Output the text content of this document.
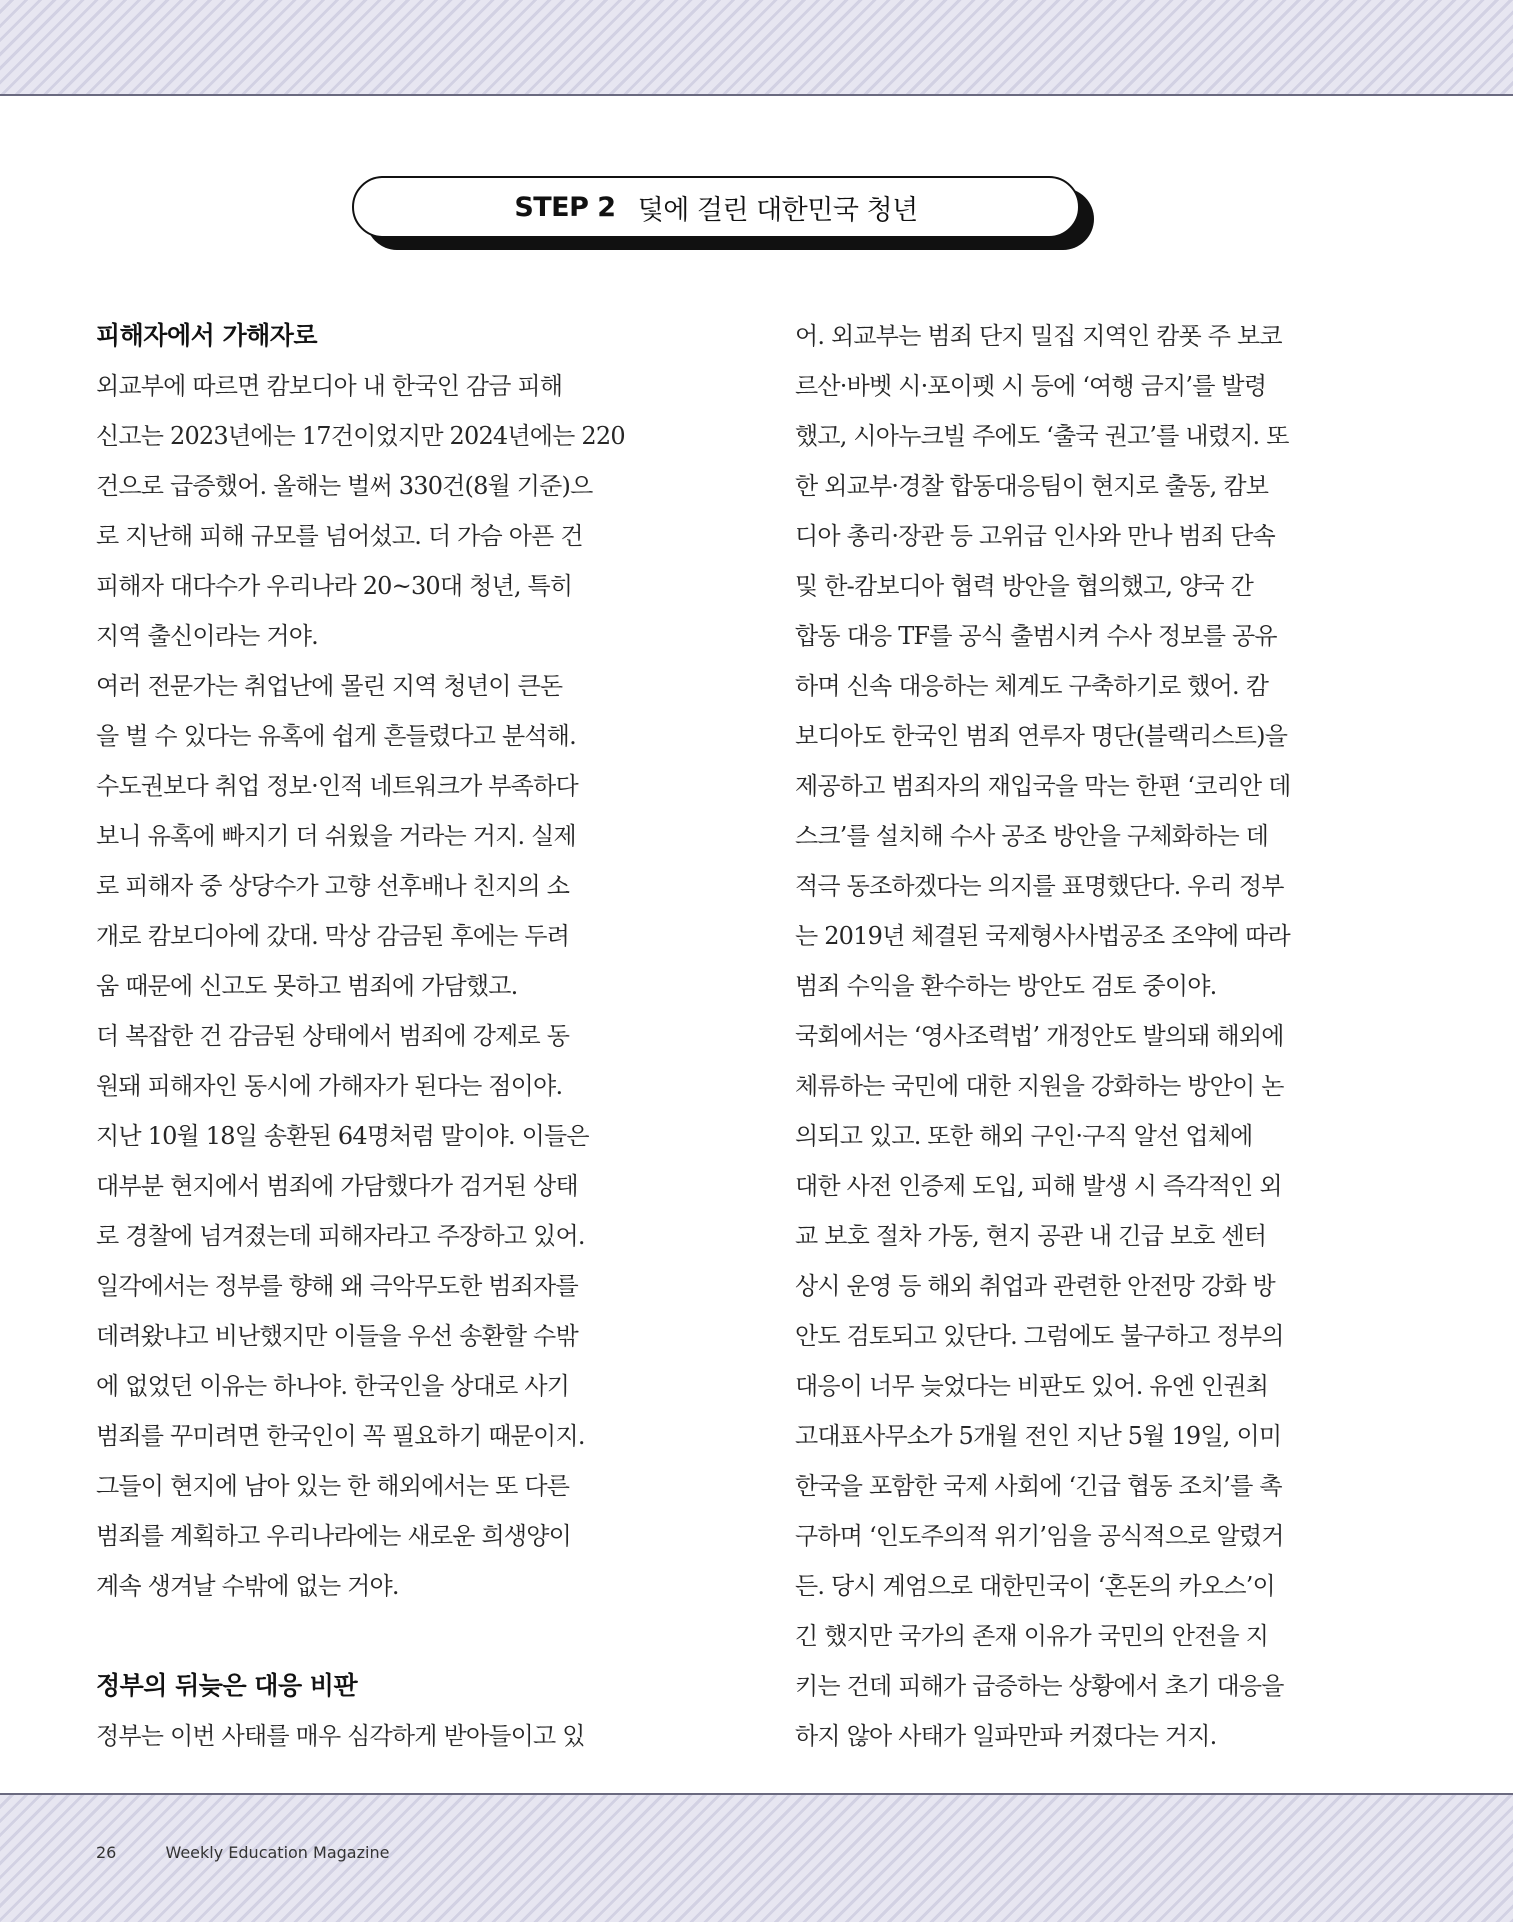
STEP 2 덫에 걸린 대한민국 청년
피해자에서 가해자로
외교부에 따르면 캄보디아 내 한국인 감금 피해
신고는 2023년에는 17건이었지만 2024년에는 220
건으로 급증했어. 올해는 벌써 330건(8월 기준)으
로 지난해 피해 규모를 넘어섰고. 더 가슴 아픈 건
피해자 대다수가 우리나라 20~30대 청년, 특히
지역 출신이라는 거야.
여러 전문가는 취업난에 몰린 지역 청년이 큰돈
을 벌 수 있다는 유혹에 쉽게 흔들렸다고 분석해.
수도권보다 취업 정보·인적 네트워크가 부족하다
보니 유혹에 빠지기 더 쉬웠을 거라는 거지. 실제
로 피해자 중 상당수가 고향 선후배나 친지의 소
개로 캄보디아에 갔대. 막상 감금된 후에는 두려
움 때문에 신고도 못하고 범죄에 가담했고.
더 복잡한 건 감금된 상태에서 범죄에 강제로 동
원돼 피해자인 동시에 가해자가 된다는 점이야.
지난 10월 18일 송환된 64명처럼 말이야. 이들은
대부분 현지에서 범죄에 가담했다가 검거된 상태
로 경찰에 넘겨졌는데 피해자라고 주장하고 있어.
일각에서는 정부를 향해 왜 극악무도한 범죄자를
데려왔냐고 비난했지만 이들을 우선 송환할 수밖
에 없었던 이유는 하나야. 한국인을 상대로 사기
범죄를 꾸미려면 한국인이 꼭 필요하기 때문이지.
그들이 현지에 남아 있는 한 해외에서는 또 다른
범죄를 계획하고 우리나라에는 새로운 희생양이
계속 생겨날 수밖에 없는 거야.
정부의 뒤늦은 대응 비판
정부는 이번 사태를 매우 심각하게 받아들이고 있
어. 외교부는 범죄 단지 밀집 지역인 캄폿 주 보코
르산·바벳 시·포이펫 시 등에 ‘여행 금지’를 발령
했고, 시아누크빌 주에도 ‘출국 권고’를 내렸지. 또
한 외교부·경찰 합동대응팀이 현지로 출동, 캄보
디아 총리·장관 등 고위급 인사와 만나 범죄 단속
및 한-캄보디아 협력 방안을 협의했고, 양국 간
합동 대응 TF를 공식 출범시켜 수사 정보를 공유
하며 신속 대응하는 체계도 구축하기로 했어. 캄
보디아도 한국인 범죄 연루자 명단(블랙리스트)을
제공하고 범죄자의 재입국을 막는 한편 ‘코리안 데
스크’를 설치해 수사 공조 방안을 구체화하는 데
적극 동조하겠다는 의지를 표명했단다. 우리 정부
는 2019년 체결된 국제형사사법공조 조약에 따라
범죄 수익을 환수하는 방안도 검토 중이야.
국회에서는 ‘영사조력법’ 개정안도 발의돼 해외에
체류하는 국민에 대한 지원을 강화하는 방안이 논
의되고 있고. 또한 해외 구인·구직 알선 업체에
대한 사전 인증제 도입, 피해 발생 시 즉각적인 외
교 보호 절차 가동, 현지 공관 내 긴급 보호 센터
상시 운영 등 해외 취업과 관련한 안전망 강화 방
안도 검토되고 있단다. 그럼에도 불구하고 정부의
대응이 너무 늦었다는 비판도 있어. 유엔 인권최
고대표사무소가 5개월 전인 지난 5월 19일, 이미
한국을 포함한 국제 사회에 ‘긴급 협동 조치’를 촉
구하며 ‘인도주의적 위기’임을 공식적으로 알렸거
든. 당시 계엄으로 대한민국이 ‘혼돈의 카오스’이
긴 했지만 국가의 존재 이유가 국민의 안전을 지
키는 건데 피해가 급증하는 상황에서 초기 대응을
하지 않아 사태가 일파만파 커졌다는 거지.
26	Weekly Education Magazine
